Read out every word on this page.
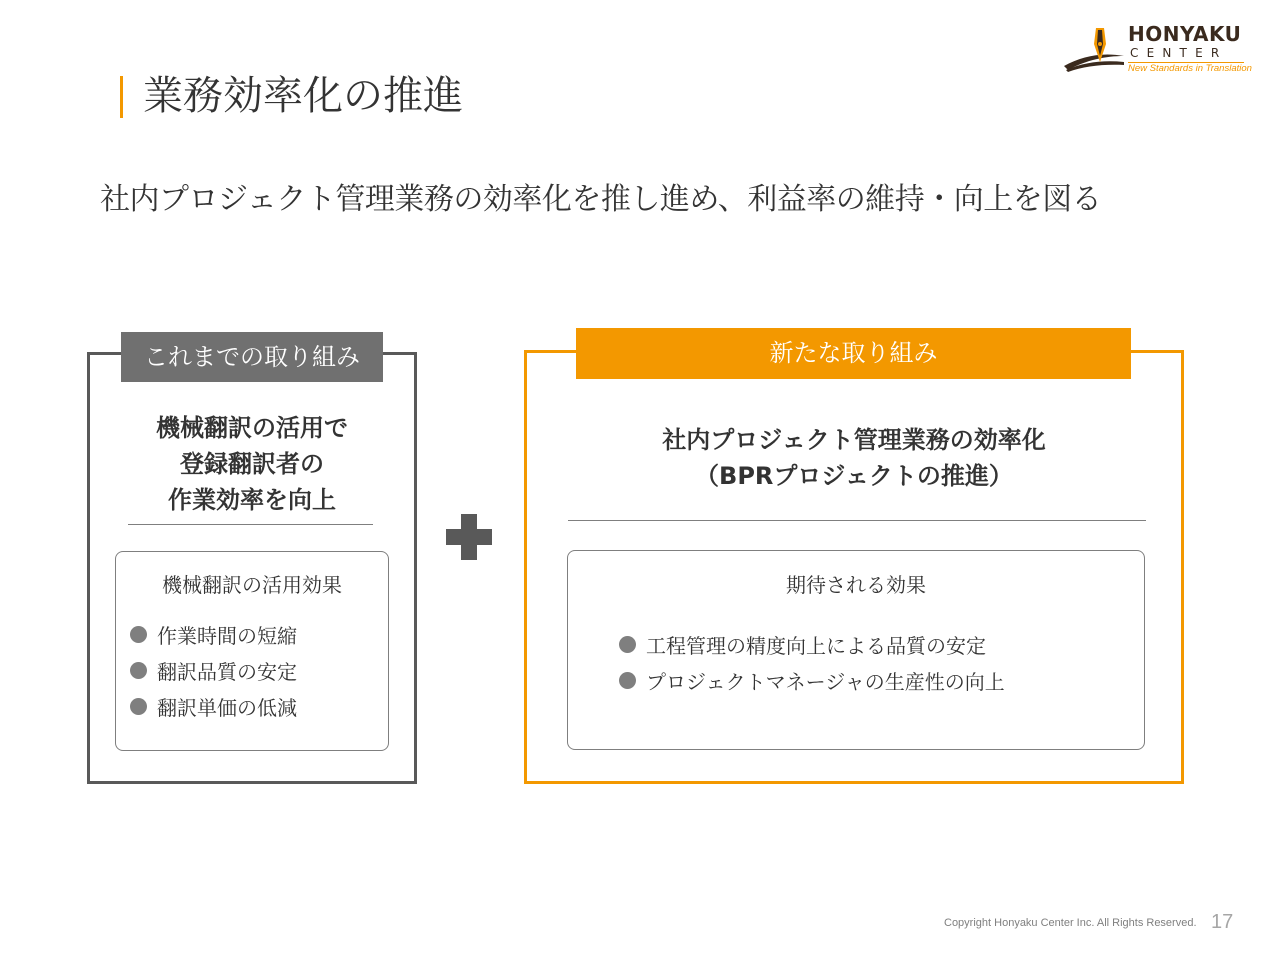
業務効率化の推進
社内プロジェクト管理業務の効率化を推し進め、利益率の維持・向上を図る
HONYAKU
CENTER
New Standards in Translation
これまでの取り組み
機械翻訳の活用で
登録翻訳者の
作業効率を向上
機械翻訳の活用効果
作業時間の短縮
翻訳品質の安定
翻訳単価の低減
新たな取り組み
社内プロジェクト管理業務の効率化
（BPRプロジェクトの推進）
期待される効果
工程管理の精度向上による品質の安定
プロジェクトマネージャの生産性の向上
Copyright Honyaku Center Inc. All Rights Reserved. 17
